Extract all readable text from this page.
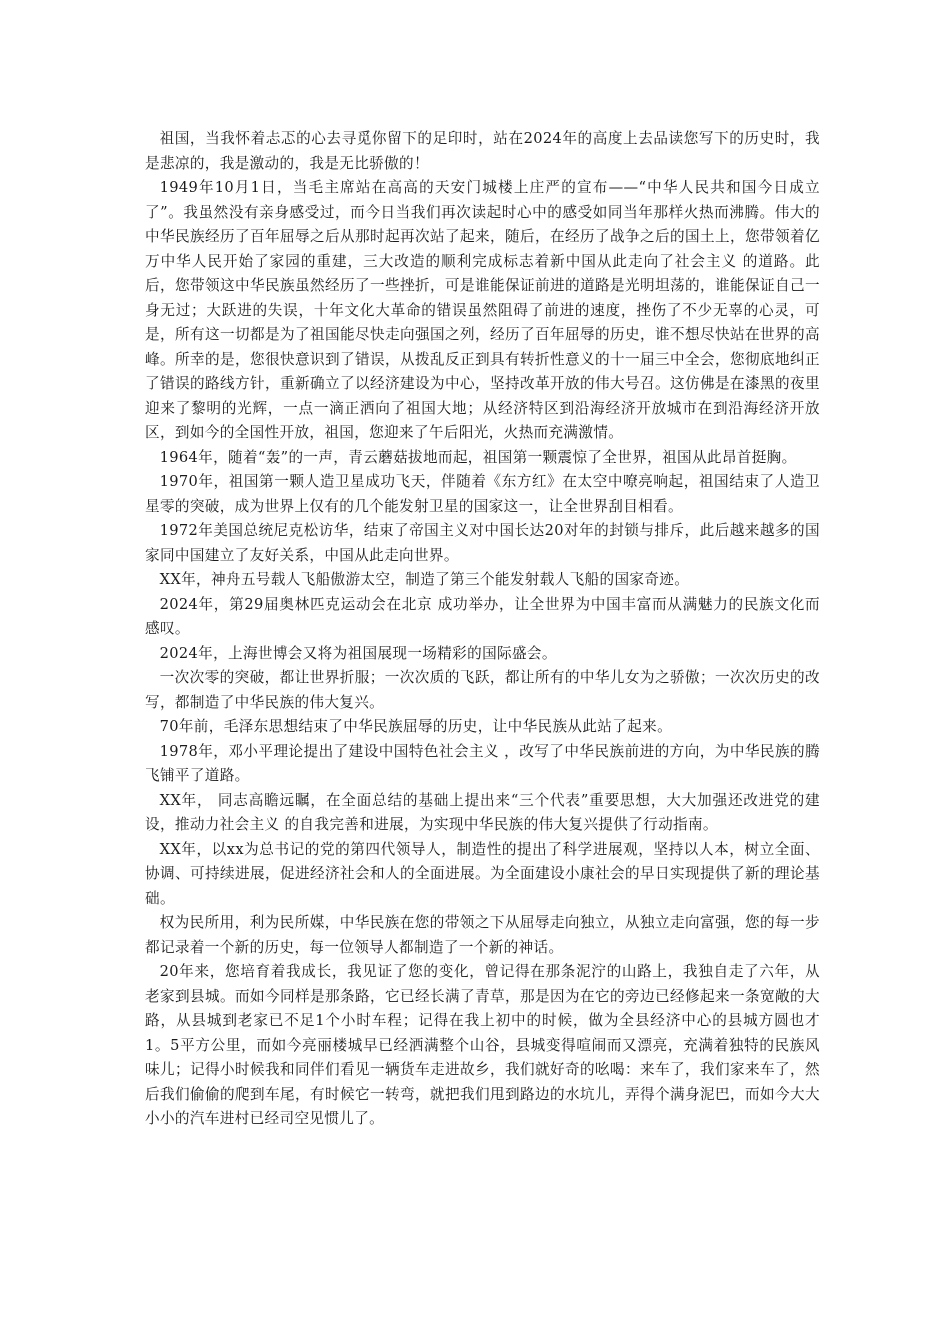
祖国，当我怀着忐忑的心去寻觅你留下的足印时，站在2024年的高度上去品读您写下的历史时，我是悲凉的，我是激动的，我是无比骄傲的！

1949年10月1日，当毛主席站在高高的天安门城楼上庄严的宣布——“中华人民共和国今日成立了”。我虽然没有亲身感受过，而今日当我们再次读起时心中的感受如同当年那样火热而沸腾。伟大的中华民族经历了百年屈辱之后从那时起再次站了起来，随后，在经历了战争之后的国土上，您带领着亿万中华人民开始了家园的重建，三大改造的顺利完成标志着新中国从此走向了社会主义 的道路。此后，您带领这中华民族虽然经历了一些挫折，可是谁能保证前进的道路是光明坦荡的，谁能保证自己一身无过；大跃进的失误，十年文化大革命的错误虽然阻碍了前进的速度，挫伤了不少无辜的心灵，可是，所有这一切都是为了祖国能尽快走向强国之列，经历了百年屈辱的历史，谁不想尽快站在世界的高峰。所幸的是，您很快意识到了错误，从拨乱反正到具有转折性意义的十一届三中全会，您彻底地纠正了错误的路线方针，重新确立了以经济建设为中心，坚持改革开放的伟大号召。这仿佛是在漆黑的夜里迎来了黎明的光辉，一点一滴正洒向了祖国大地；从经济特区到沿海经济开放城市在到沿海经济开放区，到如今的全国性开放，祖国，您迎来了午后阳光，火热而充满激情。

1964年，随着“轰”的一声，青云蘑菇拔地而起，祖国第一颗震惊了全世界，祖国从此昂首挺胸。

1970年，祖国第一颗人造卫星成功飞天，伴随着《东方红》在太空中嘹亮响起，祖国结束了人造卫星零的突破，成为世界上仅有的几个能发射卫星的国家这一，让全世界刮目相看。

1972年美国总统尼克松访华，结束了帝国主义对中国长达20对年的封锁与排斥，此后越来越多的国家同中国建立了友好关系，中国从此走向世界。

XX年，神舟五号载人飞船傲游太空，制造了第三个能发射载人飞船的国家奇迹。

2024年，第29届奥林匹克运动会在北京 成功举办，让全世界为中国丰富而从满魅力的民族文化而感叹。

2024年，上海世博会又将为祖国展现一场精彩的国际盛会。

一次次零的突破，都让世界折服；一次次质的飞跃，都让所有的中华儿女为之骄傲；一次次历史的改写，都制造了中华民族的伟大复兴。

70年前，毛泽东思想结束了中华民族屈辱的历史，让中华民族从此站了起来。

1978年，邓小平理论提出了建设中国特色社会主义 ，改写了中华民族前进的方向，为中华民族的腾飞铺平了道路。

XX年， 同志高瞻远瞩，在全面总结的基础上提出来“三个代表”重要思想，大大加强还改进党的建设，推动力社会主义 的自我完善和进展，为实现中华民族的伟大复兴提供了行动指南。

XX年，以xx为总书记的党的第四代领导人，制造性的提出了科学进展观，坚持以人本，树立全面、协调、可持续进展，促进经济社会和人的全面进展。为全面建设小康社会的早日实现提供了新的理论基础。

权为民所用，利为民所媒，中华民族在您的带领之下从屈辱走向独立，从独立走向富强，您的每一步都记录着一个新的历史，每一位领导人都制造了一个新的神话。

20年来，您培育着我成长，我见证了您的变化，曾记得在那条泥泞的山路上，我独自走了六年，从老家到县城。而如今同样是那条路，它已经长满了青草，那是因为在它的旁边已经修起来一条宽敞的大路，从县城到老家已不足1个小时车程；记得在我上初中的时候，做为全县经济中心的县城方圆也才1。5平方公里，而如今亮丽楼城早已经洒满整个山谷，县城变得喧闹而又漂亮，充满着独特的民族风味儿；记得小时候我和同伴们看见一辆货车走进故乡，我们就好奇的吆喝：来车了，我们家来车了，然后我们偷偷的爬到车尾，有时候它一转弯，就把我们甩到路边的水坑儿，弄得个满身泥巴，而如今大大小小的汽车进村已经司空见惯儿了。
